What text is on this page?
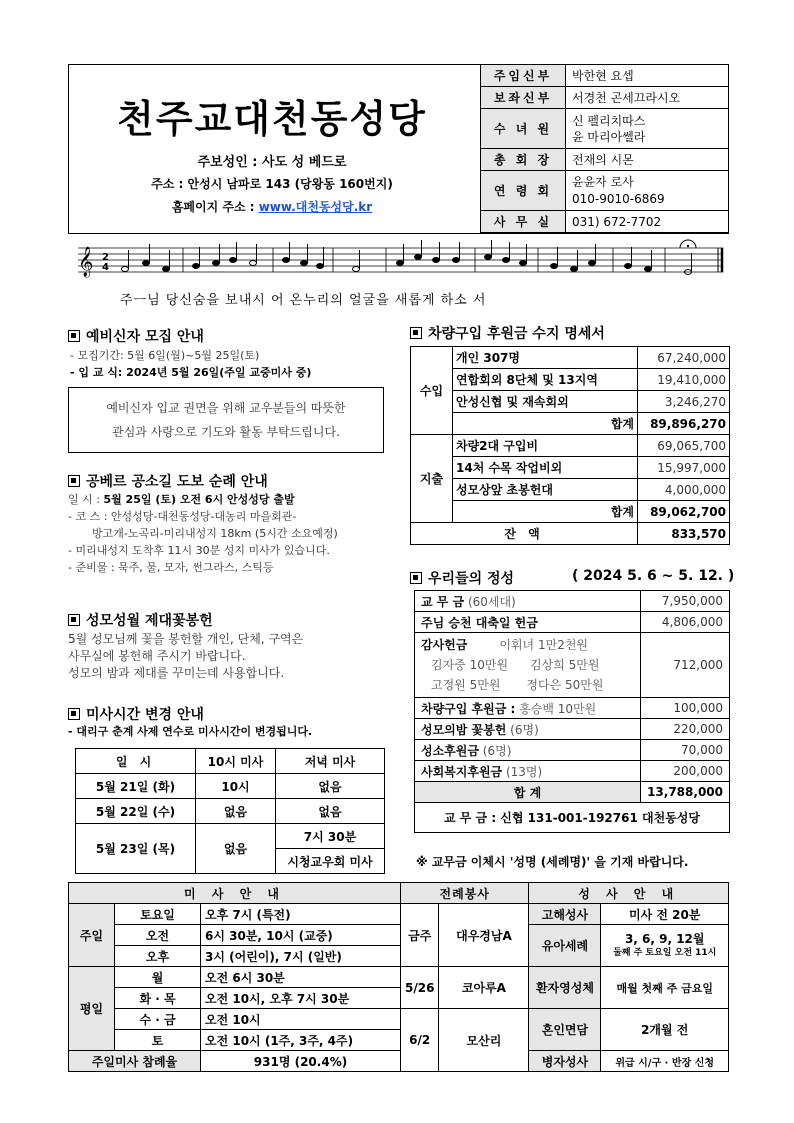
천주교대천동성당
주보성인 : 사도 성 베드로
주소 : 안성시 남파로 143 (당왕동 160번지)
홈페이지 주소 : www.대천동성당.kr
주임신부	박한현 요셉
보좌신부	서경천 곤세끄라시오
수 녀 원	신 펠리치따스
윤 마리아쎌라

총 회 장	전재의 시몬
연 령 회	윤윤자 로사
010-9010-6869

사 무 실	031) 672-7702
𝄞 2
4
주ㅡ님 당신숨을 보내시 어 온누리의 얼굴을 새롭게 하소 서
예비신자 모집 안내
- 모집기간: 5월 6일(월)~5월 25일(토)
- 입 교 식: 2024년 5월 26일(주일 교중미사 중)
예비신자 입교 권면을 위해 교우분들의 따뜻한
관심과 사랑으로 기도와 활동 부탁드립니다.
공베르 공소길 도보 순례 안내
일 시 : 5월 25일 (토) 오전 6시 안성성당 출발
- 코 스 : 안성성당-대천동성당-대농리 마을회관-
방고개-노곡리-미리내성지 18km (5시간 소요예정)
- 미리내성지 도착후 11시 30분 성지 미사가 있습니다.
- 준비물 : 묵주, 물, 모자, 썬그라스, 스틱등
성모성월 제대꽃봉헌
5월 성모님께 꽃을 봉헌할 개인, 단체, 구역은
사무실에 봉헌해 주시기 바랍니다.
성모의 밤과 제대를 꾸미는데 사용합니다.
미사시간 변경 안내
- 대리구 춘계 사제 연수로 미사시간이 변경됩니다.
일 시	10시 미사	저녁 미사
5월 21일 (화)	10시	없음
5월 22일 (수)	없음	없음
5월 23일 (목)	없음	7시 30분
		시청교우회 미사
차량구입 후원금 수지 명세서
수입	개인 307명	67,240,000
	연합회외 8단체 및 13지역	19,410,000
	안성신협 및 재속회외	3,246,270
	합계	89,896,270
지출	차량2대 구입비	69,065,700
	14처 수목 작업비외	15,997,000
	성모상앞 초봉헌대	4,000,000
	합계	89,062,700
잔 액		833,570
우리들의 정성	( 2024 5. 6 ~ 5. 12. )
교 무 금 (60세대)	7,950,000
주님 승천 대축일 헌금	4,806,000

감사헌금 이휘녀 1만2천원
김자중 10만원 김상희 5만원
고정원 5만원 정다은 50만원	712,000
차량구입 후원금 : 홍승백 10만원	100,000
성모의밤 꽃봉헌 (6명)	220,000
성소후원금 (6명)	70,000
사회복지후원금 (13명)	200,000
합 계	13,788,000
교 무 금 : 신협 131-001-192761 대천동성당	
※ 교무금 이체시 '성명 (세례명)' 을 기재 바랍니다.
미 사 안 내			전례봉사		성 사 안 내	
주일	토요일	오후 7시 (특전)	금주	대우경남A	고해성사	미사 전 20분
	오전	6시 30분, 10시 (교중)			유아세례	3, 6, 9, 12월
둘째 주 토요일 오전 11시

	오후	3시 (어린이), 7시 (일반)				
평일	월	오전 6시 30분	5/26	코아루A	환자영성체	매월 첫째 주 금요일
	화 · 목	오전 10시, 오후 7시 30분				
	수 · 금	오전 10시	6/2	모산리	혼인면담	2개월 전
	토	오전 10시 (1주, 3주, 4주)				
주일미사 참례율		931명 (20.4%)			병자성사	위급 시/구 · 반장 신청
